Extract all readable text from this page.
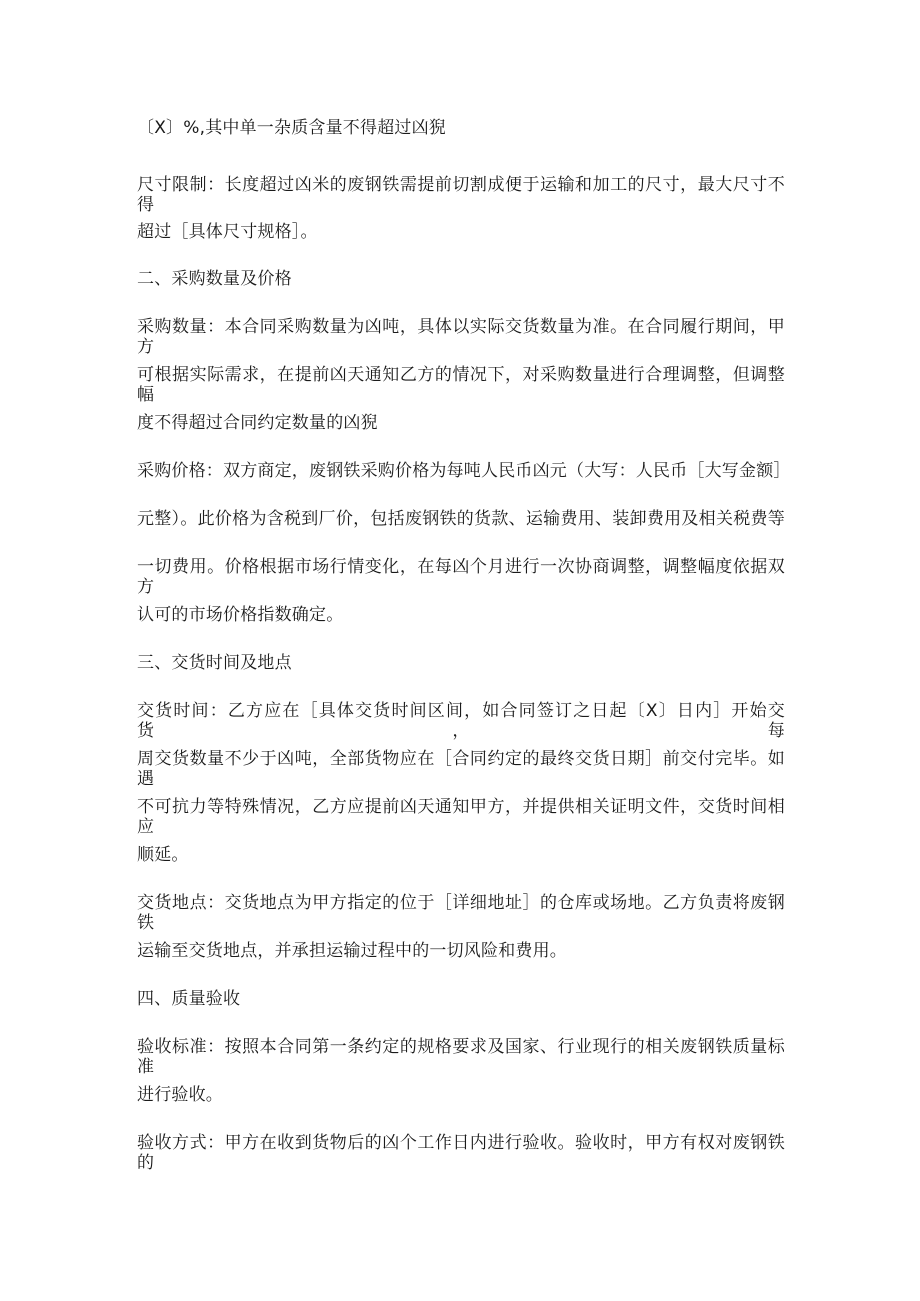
〔X〕%,其中单一杂质含量不得超过凶猊
尺寸限制：长度超过凶米的废钢铁需提前切割成便于运输和加工的尺寸，最大尺寸不得
超过［具体尺寸规格］。
二、采购数量及价格
采购数量：本合同采购数量为凶吨，具体以实际交货数量为准。在合同履行期间，甲方
可根据实际需求，在提前凶天通知乙方的情况下，对采购数量进行合理调整，但调整幅
度不得超过合同约定数量的凶猊
采购价格：双方商定，废钢铁采购价格为每吨人民币凶元（大写：人民币［大写金额］
元整）。此价格为含税到厂价，包括废钢铁的货款、运输费用、装卸费用及相关税费等
一切费用。价格根据市场行情变化，在每凶个月进行一次协商调整，调整幅度依据双方
认可的市场价格指数确定。
三、交货时间及地点
交货时间：乙方应在［具体交货时间区间，如合同签订之日起〔X〕日内］开始交货，每
周交货数量不少于凶吨，全部货物应在［合同约定的最终交货日期］前交付完毕。如遇
不可抗力等特殊情况，乙方应提前凶天通知甲方，并提供相关证明文件，交货时间相应
顺延。
交货地点：交货地点为甲方指定的位于［详细地址］的仓库或场地。乙方负责将废钢铁
运输至交货地点，并承担运输过程中的一切风险和费用。
四、质量验收
验收标准：按照本合同第一条约定的规格要求及国家、行业现行的相关废钢铁质量标准
进行验收。
验收方式：甲方在收到货物后的凶个工作日内进行验收。验收时，甲方有权对废钢铁的
